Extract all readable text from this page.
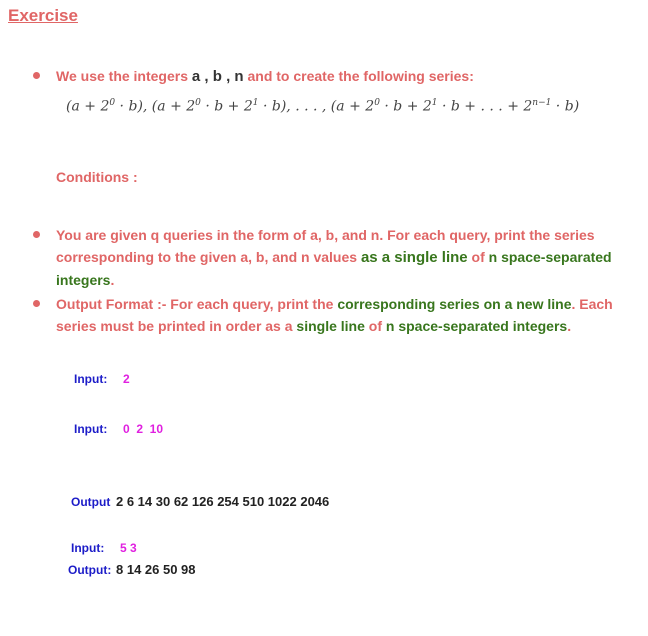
Exercise
We use the integers a , b , n and to create the following series:
$(a + 2^0 \cdot b)$, $(a + 2^0 \cdot b + 2^1 \cdot b)$, . . . , ($a + 2^0 \cdot b + 2^1 \cdot b$ + . . . + $2^{n-1} \cdot b$)
Conditions :
You are given q queries in the form of a, b, and n. For each query, print the series corresponding to the given a, b, and n values as a single line of n space-separated integers.
Output Format :- For each query, print the corresponding series on a new line. Each series must be printed in order as a single line of n space-separated integers.
Input: 2
Input: 0  2  10
Output 2 6 14 30 62 126 254 510 1022 2046
Input: 5 3
Output: 8 14 26 50 98
